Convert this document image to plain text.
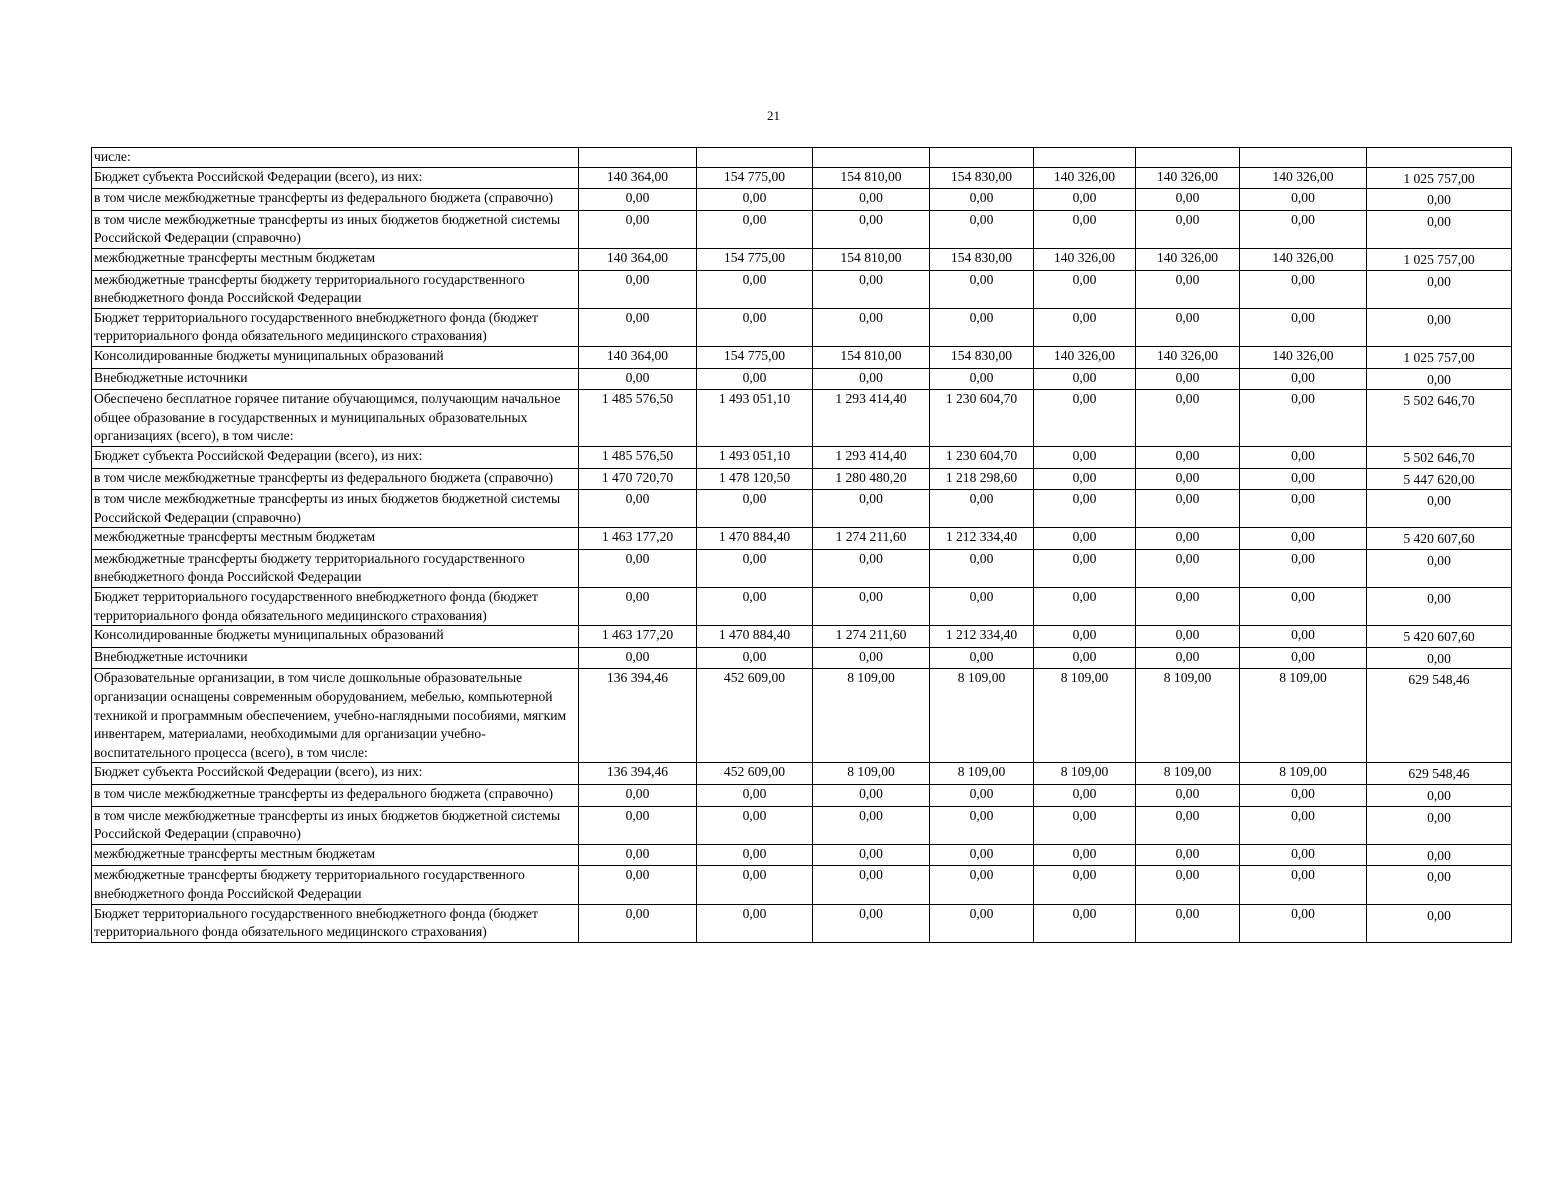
21
числе:								
Бюджет субъекта Российской Федерации (всего), из них:	140 364,00	154 775,00	154 810,00	154 830,00	140 326,00	140 326,00	140 326,00	1 025 757,00
в том числе межбюджетные трансферты из федерального бюджета (справочно)	0,00	0,00	0,00	0,00	0,00	0,00	0,00	0,00
в том числе межбюджетные трансферты из иных бюджетов бюджетной системы Российской Федерации (справочно)	0,00	0,00	0,00	0,00	0,00	0,00	0,00	0,00
межбюджетные трансферты местным бюджетам	140 364,00	154 775,00	154 810,00	154 830,00	140 326,00	140 326,00	140 326,00	1 025 757,00
межбюджетные трансферты бюджету территориального государственного внебюджетного фонда Российской Федерации	0,00	0,00	0,00	0,00	0,00	0,00	0,00	0,00
Бюджет территориального государственного внебюджетного фонда (бюджет территориального фонда обязательного медицинского страхования)	0,00	0,00	0,00	0,00	0,00	0,00	0,00	0,00
Консолидированные бюджеты муниципальных образований	140 364,00	154 775,00	154 810,00	154 830,00	140 326,00	140 326,00	140 326,00	1 025 757,00
Внебюджетные источники	0,00	0,00	0,00	0,00	0,00	0,00	0,00	0,00
Обеспечено бесплатное горячее питание обучающимся, получающим начальное общее образование в государственных и муниципальных образовательных организациях (всего), в том числе:	1 485 576,50	1 493 051,10	1 293 414,40	1 230 604,70	0,00	0,00	0,00	5 502 646,70
Бюджет субъекта Российской Федерации (всего), из них:	1 485 576,50	1 493 051,10	1 293 414,40	1 230 604,70	0,00	0,00	0,00	5 502 646,70
в том числе межбюджетные трансферты из федерального бюджета (справочно)	1 470 720,70	1 478 120,50	1 280 480,20	1 218 298,60	0,00	0,00	0,00	5 447 620,00
в том числе межбюджетные трансферты из иных бюджетов бюджетной системы Российской Федерации (справочно)	0,00	0,00	0,00	0,00	0,00	0,00	0,00	0,00
межбюджетные трансферты местным бюджетам	1 463 177,20	1 470 884,40	1 274 211,60	1 212 334,40	0,00	0,00	0,00	5 420 607,60
межбюджетные трансферты бюджету территориального государственного внебюджетного фонда Российской Федерации	0,00	0,00	0,00	0,00	0,00	0,00	0,00	0,00
Бюджет территориального государственного внебюджетного фонда (бюджет территориального фонда обязательного медицинского страхования)	0,00	0,00	0,00	0,00	0,00	0,00	0,00	0,00
Консолидированные бюджеты муниципальных образований	1 463 177,20	1 470 884,40	1 274 211,60	1 212 334,40	0,00	0,00	0,00	5 420 607,60
Внебюджетные источники	0,00	0,00	0,00	0,00	0,00	0,00	0,00	0,00
Образовательные организации, в том числе дошкольные образовательные организации оснащены современным оборудованием, мебелью, компьютерной техникой и программным обеспечением, учебно-наглядными пособиями, мягким инвентарем, материалами, необходимыми для организации учебно-воспитательного процесса (всего), в том числе:	136 394,46	452 609,00	8 109,00	8 109,00	8 109,00	8 109,00	8 109,00	629 548,46
Бюджет субъекта Российской Федерации (всего), из них:	136 394,46	452 609,00	8 109,00	8 109,00	8 109,00	8 109,00	8 109,00	629 548,46
в том числе межбюджетные трансферты из федерального бюджета (справочно)	0,00	0,00	0,00	0,00	0,00	0,00	0,00	0,00
в том числе межбюджетные трансферты из иных бюджетов бюджетной системы Российской Федерации (справочно)	0,00	0,00	0,00	0,00	0,00	0,00	0,00	0,00
межбюджетные трансферты местным бюджетам	0,00	0,00	0,00	0,00	0,00	0,00	0,00	0,00
межбюджетные трансферты бюджету территориального государственного внебюджетного фонда Российской Федерации	0,00	0,00	0,00	0,00	0,00	0,00	0,00	0,00
Бюджет территориального государственного внебюджетного фонда (бюджет территориального фонда обязательного медицинского страхования)	0,00	0,00	0,00	0,00	0,00	0,00	0,00	0,00
